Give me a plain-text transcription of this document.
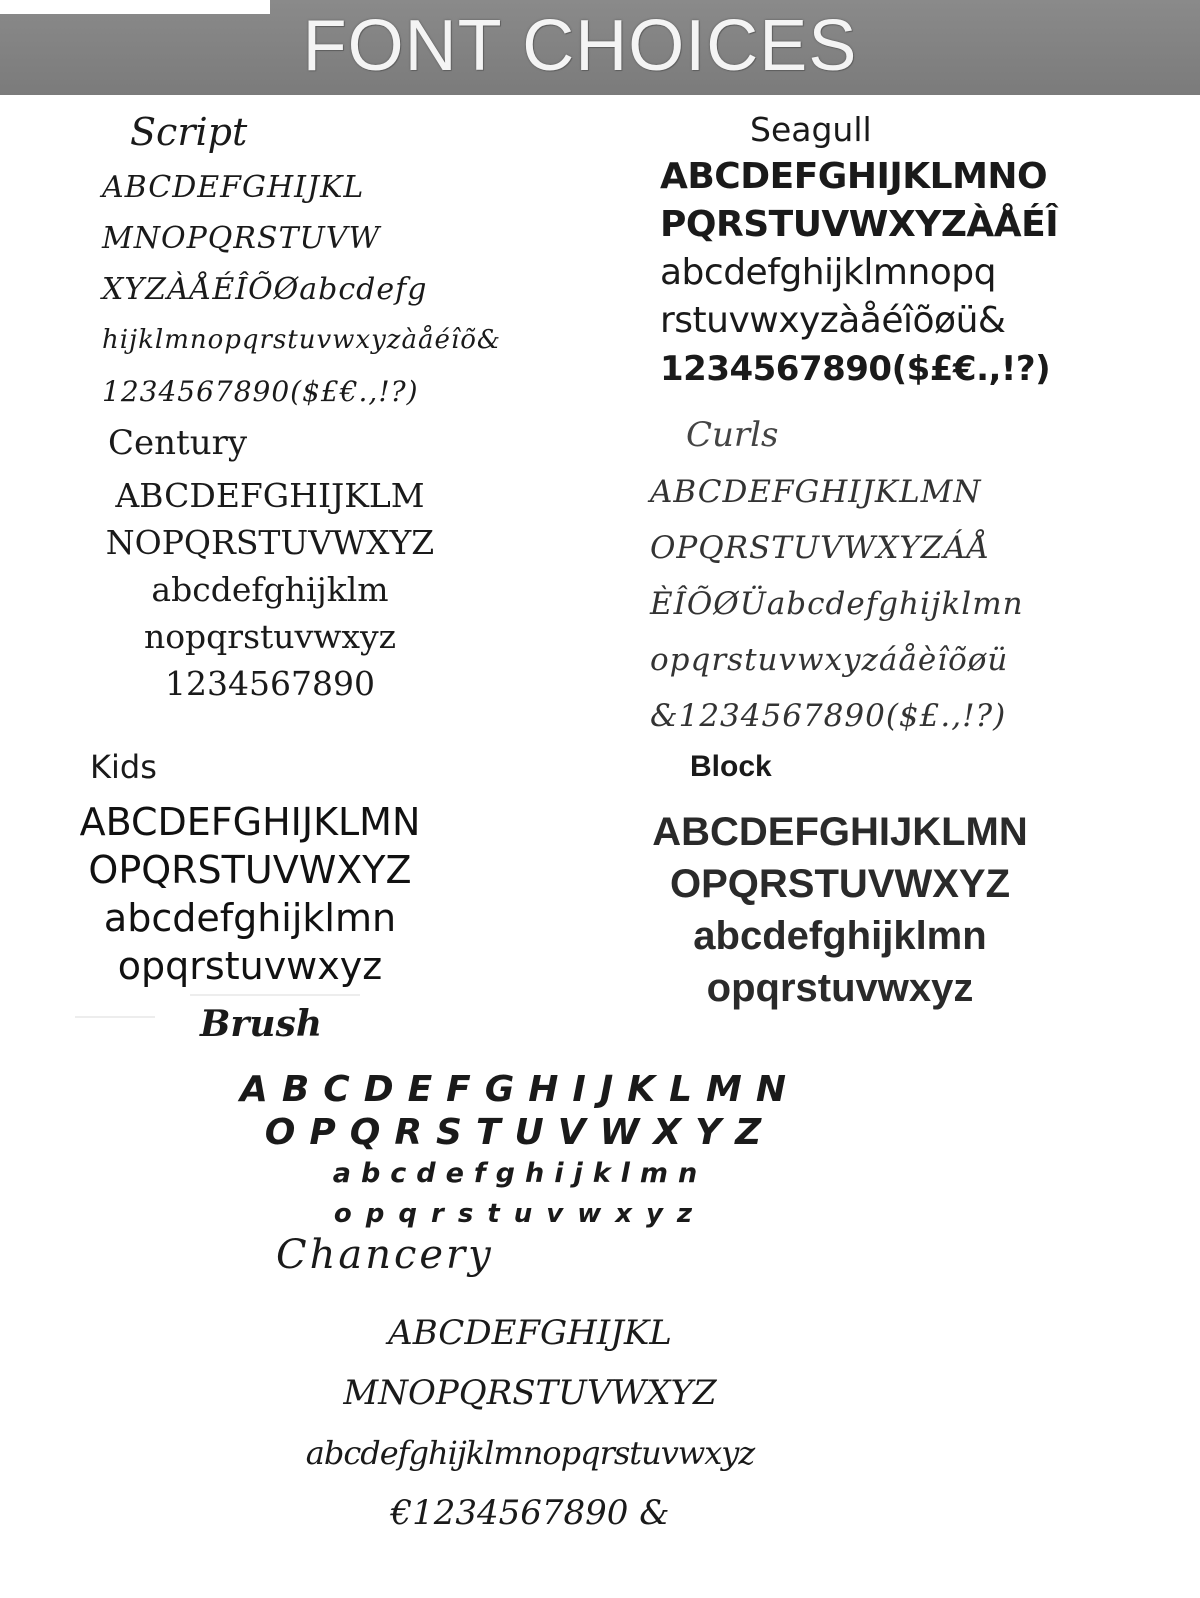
FONT CHOICES
Script
ABCDEFGHIJKL
MNOPQRSTUVW
XYZÀÅÉÎÕØabcdefg
hijklmnopqrstuvwxyzàåéîõ&
1234567890($£€.,!?)
Seagull
ABCDEFGHIJKLMNO
PQRSTUVWXYZÀÅÉÎ
abcdefghijklmnopq
rstuvwxyzàåéîõøü&
1234567890($£€.,!?)
Century
ABCDEFGHIJKLM
NOPQRSTUVWXYZ
abcdefghijklm
nopqrstuvwxyz
1234567890
Curls
ABCDEFGHIJKLMN
OPQRSTUVWXYZÁÅ
ÈÎÕØÜabcdefghijklmn
opqrstuvwxyzáåèîõøü
&1234567890($£.,!?)
Kids
ABCDEFGHIJKLMN
OPQRSTUVWXYZ
abcdefghijklmn
opqrstuvwxyz
Block
ABCDEFGHIJKLMN
OPQRSTUVWXYZ
abcdefghijklmn
opqrstuvwxyz
Brush
ABCDEFGHIJKLMN
OPQRSTUVWXYZ
abcdefghijklmn
opqrstuvwxyz
Chancery
ABCDEFGHIJKL
MNOPQRSTUVWXYZ
abcdefghijklmnopqrstuvwxyz
€1234567890 &
